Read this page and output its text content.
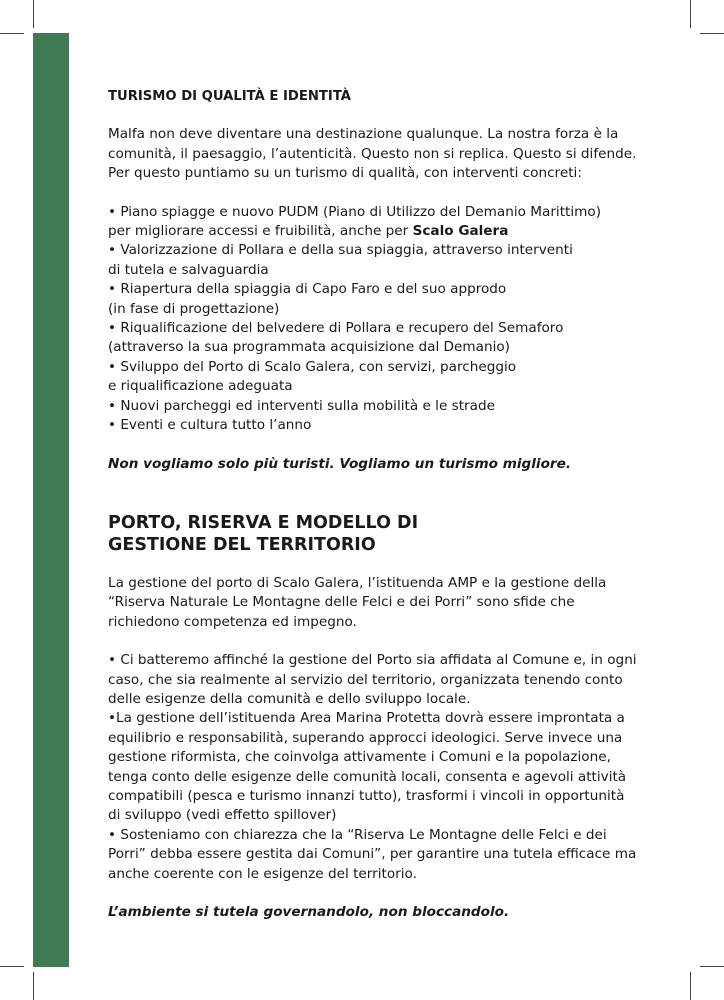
TURISMO DI QUALITÀ E IDENTITÀ
Malfa non deve diventare una destinazione qualunque. La nostra forza è la
comunità, il paesaggio, l’autenticità. Questo non si replica. Questo si difende.
Per questo puntiamo su un turismo di qualità, con interventi concreti:
• Piano spiagge e nuovo PUDM (Piano di Utilizzo del Demanio Marittimo)
per migliorare accessi e fruibilità, anche per Scalo Galera
• Valorizzazione di Pollara e della sua spiaggia, attraverso interventi
di tutela e salvaguardia
• Riapertura della spiaggia di Capo Faro e del suo approdo
(in fase di progettazione)
• Riqualificazione del belvedere di Pollara e recupero del Semaforo
(attraverso la sua programmata acquisizione dal Demanio)
• Sviluppo del Porto di Scalo Galera, con servizi, parcheggio
e riqualificazione adeguata
• Nuovi parcheggi ed interventi sulla mobilità e le strade
• Eventi e cultura tutto l’anno
Non vogliamo solo più turisti. Vogliamo un turismo migliore.
PORTO, RISERVA E MODELLO DI
GESTIONE DEL TERRITORIO
La gestione del porto di Scalo Galera, l’istituenda AMP e la gestione della
“Riserva Naturale Le Montagne delle Felci e dei Porri” sono sfide che
richiedono competenza ed impegno.
• Ci batteremo affinché la gestione del Porto sia affidata al Comune e, in ogni
caso, che sia realmente al servizio del territorio, organizzata tenendo conto
delle esigenze della comunità e dello sviluppo locale.
•La gestione dell’istituenda Area Marina Protetta dovrà essere improntata a
equilibrio e responsabilità, superando approcci ideologici. Serve invece una
gestione riformista, che coinvolga attivamente i Comuni e la popolazione,
tenga conto delle esigenze delle comunità locali, consenta e agevoli attività
compatibili (pesca e turismo innanzi tutto), trasformi i vincoli in opportunità
di sviluppo (vedi effetto spillover)
• Sosteniamo con chiarezza che la “Riserva Le Montagne delle Felci e dei
Porri” debba essere gestita dai Comuni”, per garantire una tutela efficace ma
anche coerente con le esigenze del territorio.
L’ambiente si tutela governandolo, non bloccandolo.
